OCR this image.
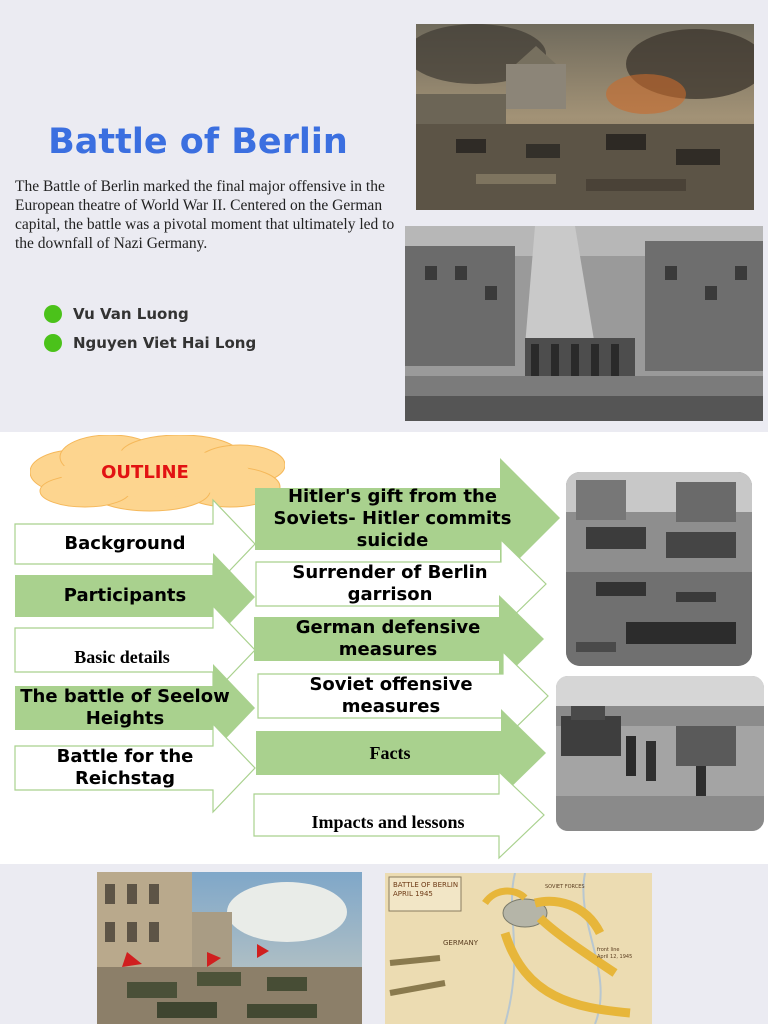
Battle of Berlin

The Battle of Berlin marked the final major offensive in the European theatre of World War II. Centered on the German capital, the battle was a pivotal moment that ultimately led to the downfall of Nazi Germany.

Vu Van Luong
Nguyen Viet Hai Long
OUTLINE
Background
Participants
Basic details
The battle of Seelow Heights
Battle for the Reichstag
Hitler's gift from the Soviets- Hitler commits suicide
Surrender of Berlin garrison
German defensive measures
Soviet offensive measures
Facts
Impacts and lessons
BATTLE OF BERLIN
APRIL 1945
GERMANY
SOVIET FORCES
front line
April 12, 1945
